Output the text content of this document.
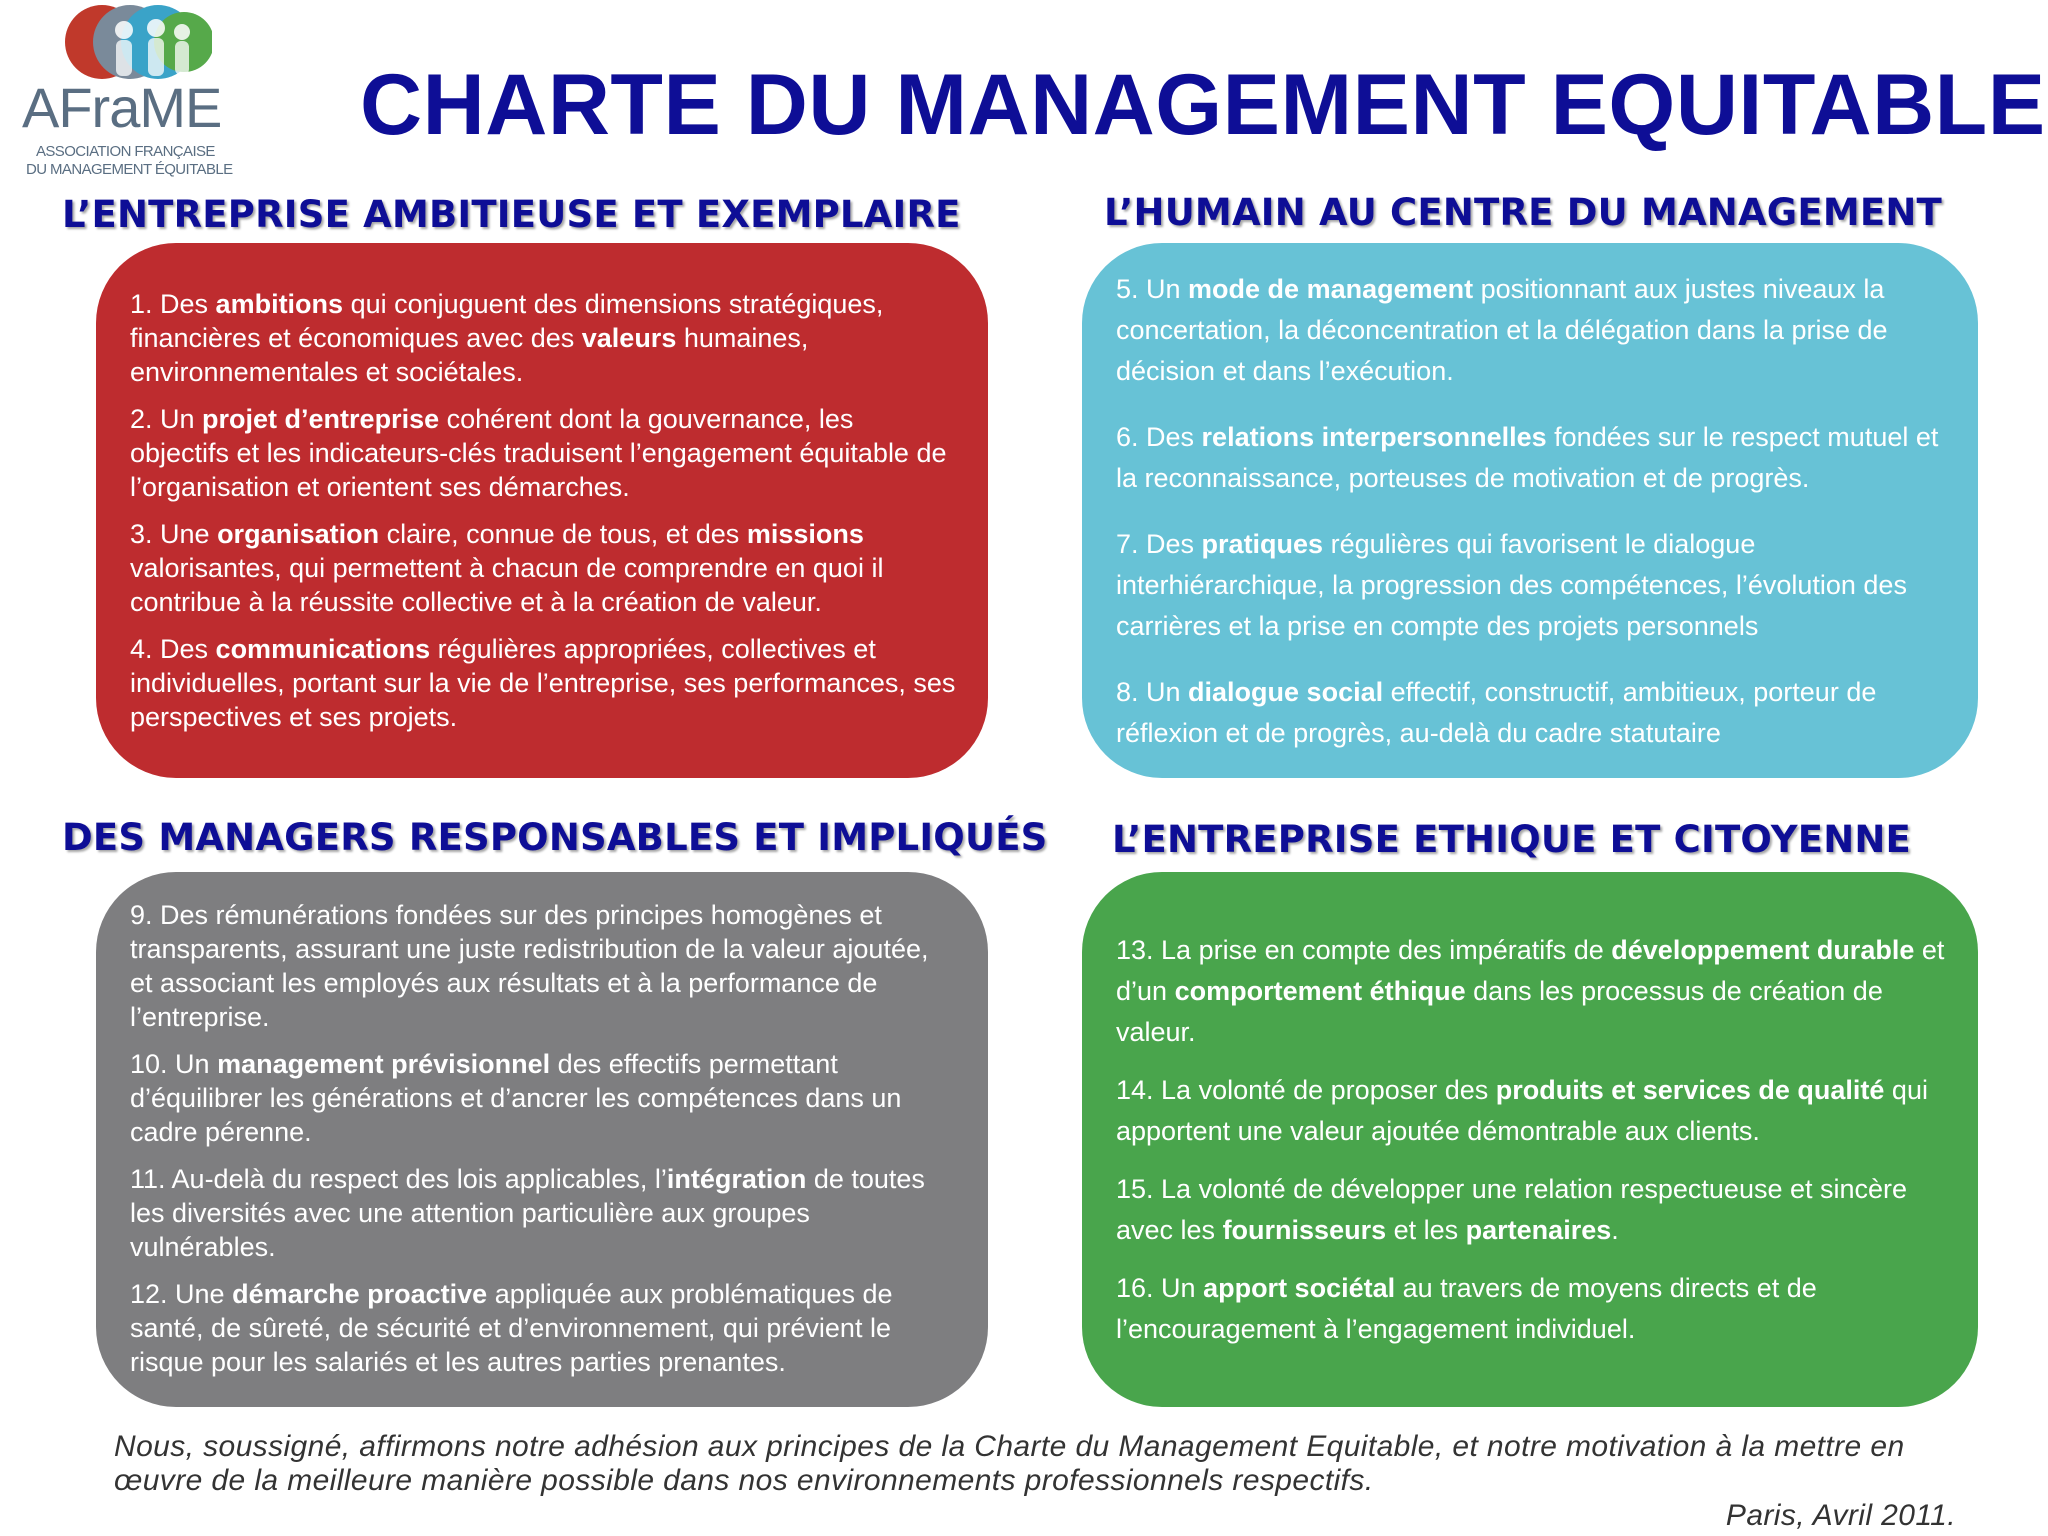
AFraME
ASSOCIATION FRANÇAISE
DU MANAGEMENT ÉQUITABLE
CHARTE DU MANAGEMENT EQUITABLE
L’ENTREPRISE AMBITIEUSE ET EXEMPLAIRE

1. Des ambitions qui conjuguent des dimensions stratégiques, financières et économiques avec des valeurs humaines, environnementales et sociétales.

2. Un projet d’entreprise cohérent dont la gouvernance, les objectifs et les indicateurs-clés traduisent l’engagement équitable de l’organisation et orientent ses démarches.

3. Une organisation claire, connue de tous, et des missions valorisantes, qui permettent à chacun de comprendre en quoi il contribue à la réussite collective et à la création de valeur.

4. Des communications régulières appropriées, collectives et individuelles, portant sur la vie de l’entreprise, ses performances, ses perspectives et ses projets.

L’HUMAIN AU CENTRE DU MANAGEMENT

5. Un mode de management positionnant aux justes niveaux la concertation, la déconcentration et la délégation dans la prise de décision et dans l’exécution.

6. Des relations interpersonnelles fondées sur le respect mutuel et la reconnaissance, porteuses de motivation et de progrès.

7. Des pratiques régulières qui favorisent le dialogue interhiérarchique, la progression des compétences, l’évolution des carrières et la prise en compte des projets personnels

8. Un dialogue social effectif, constructif, ambitieux, porteur de réflexion et de progrès, au-delà du cadre statutaire

DES MANAGERS RESPONSABLES ET IMPLIQUÉS

9. Des rémunérations fondées sur des principes homogènes et transparents, assurant une juste redistribution de la valeur ajoutée, et associant les employés aux résultats et à la performance de l’entreprise.

10. Un management prévisionnel des effectifs permettant d’équilibrer les générations et d’ancrer les compétences dans un cadre pérenne.

11. Au-delà du respect des lois applicables, l’intégration de toutes les diversités avec une attention particulière aux groupes vulnérables.

12. Une démarche proactive appliquée aux problématiques de santé, de sûreté, de sécurité et d’environnement, qui prévient le risque pour les salariés et les autres parties prenantes.

L’ENTREPRISE ETHIQUE ET CITOYENNE

13. La prise en compte des impératifs de développement durable et d’un comportement éthique dans les processus de création de valeur.

14. La volonté de proposer des produits et services de qualité qui apportent une valeur ajoutée démontrable aux clients.

15. La volonté de développer une relation respectueuse et sincère avec les fournisseurs et les partenaires.

16. Un apport sociétal au travers de moyens directs et de l’encouragement à l’engagement individuel.

Nous, soussigné, affirmons notre adhésion aux principes de la Charte du Management Equitable, et notre motivation à la mettre en œuvre de la meilleure manière possible dans nos environnements professionnels respectifs.

Paris, Avril 2011.
